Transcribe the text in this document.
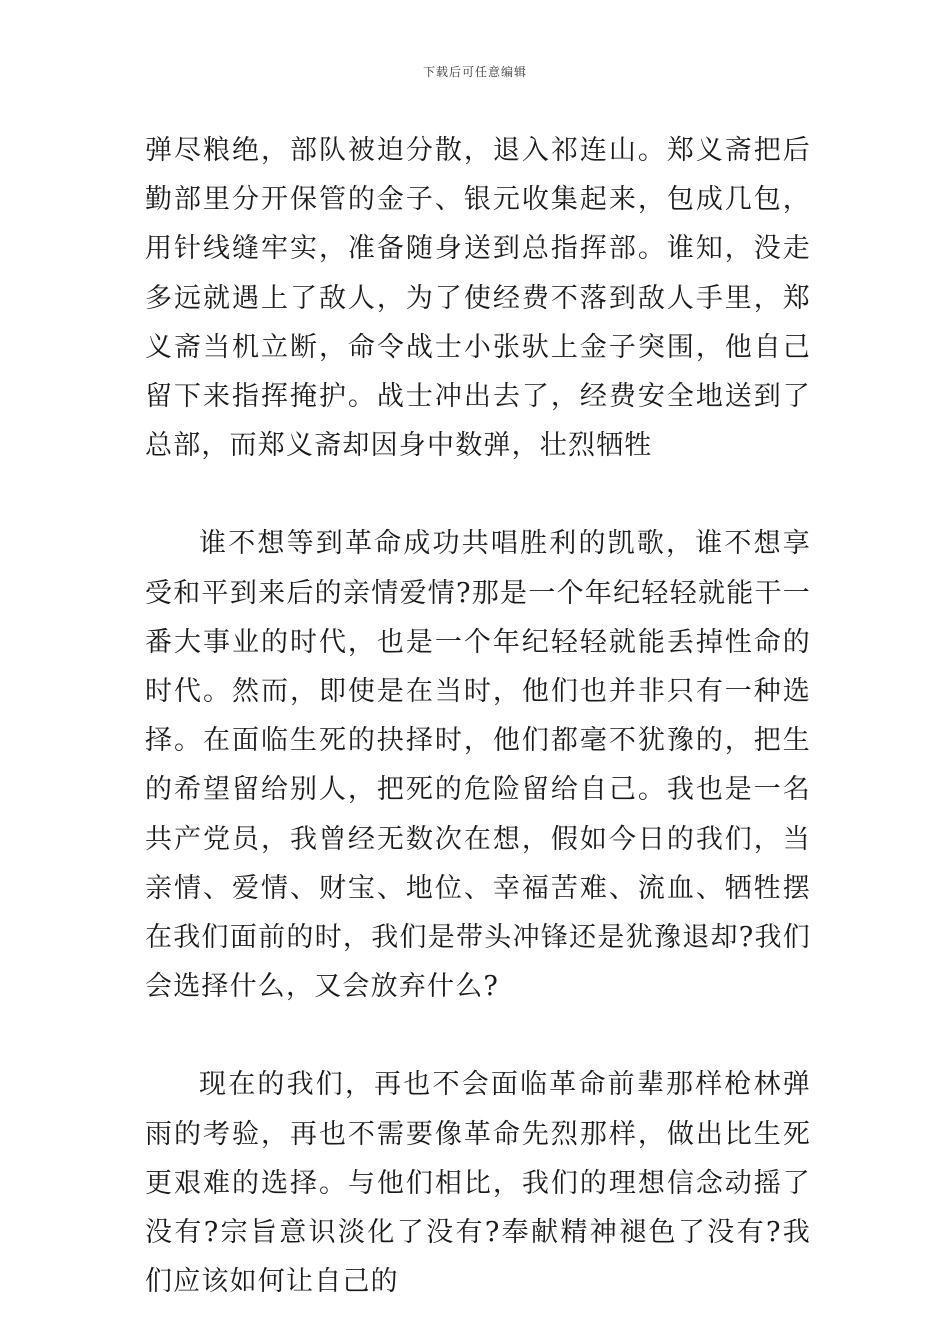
下载后可任意编辑

弹尽粮绝，部队被迫分散，退入祁连山。郑义斋把后勤部里分开保管的金子、银元收集起来，包成几包，用针线缝牢实，准备随身送到总指挥部。谁知，没走多远就遇上了敌人，为了使经费不落到敌人手里，郑义斋当机立断，命令战士小张驮上金子突围，他自己留下来指挥掩护。战士冲出去了，经费安全地送到了总部，而郑义斋却因身中数弹，壮烈牺牲

谁不想等到革命成功共唱胜利的凯歌，谁不想享受和平到来后的亲情爱情?那是一个年纪轻轻就能干一番大事业的时代，也是一个年纪轻轻就能丢掉性命的时代。然而，即使是在当时，他们也并非只有一种选择。在面临生死的抉择时，他们都毫不犹豫的，把生的希望留给别人，把死的危险留给自己。我也是一名共产党员，我曾经无数次在想，假如今日的我们，当亲情、爱情、财宝、地位、幸福苦难、流血、牺牲摆在我们面前的时，我们是带头冲锋还是犹豫退却?我们会选择什么，又会放弃什么?

现在的我们，再也不会面临革命前辈那样枪林弹雨的考验，再也不需要像革命先烈那样，做出比生死更艰难的选择。与他们相比，我们的理想信念动摇了没有?宗旨意识淡化了没有?奉献精神褪色了没有?我们应该如何让自己的
